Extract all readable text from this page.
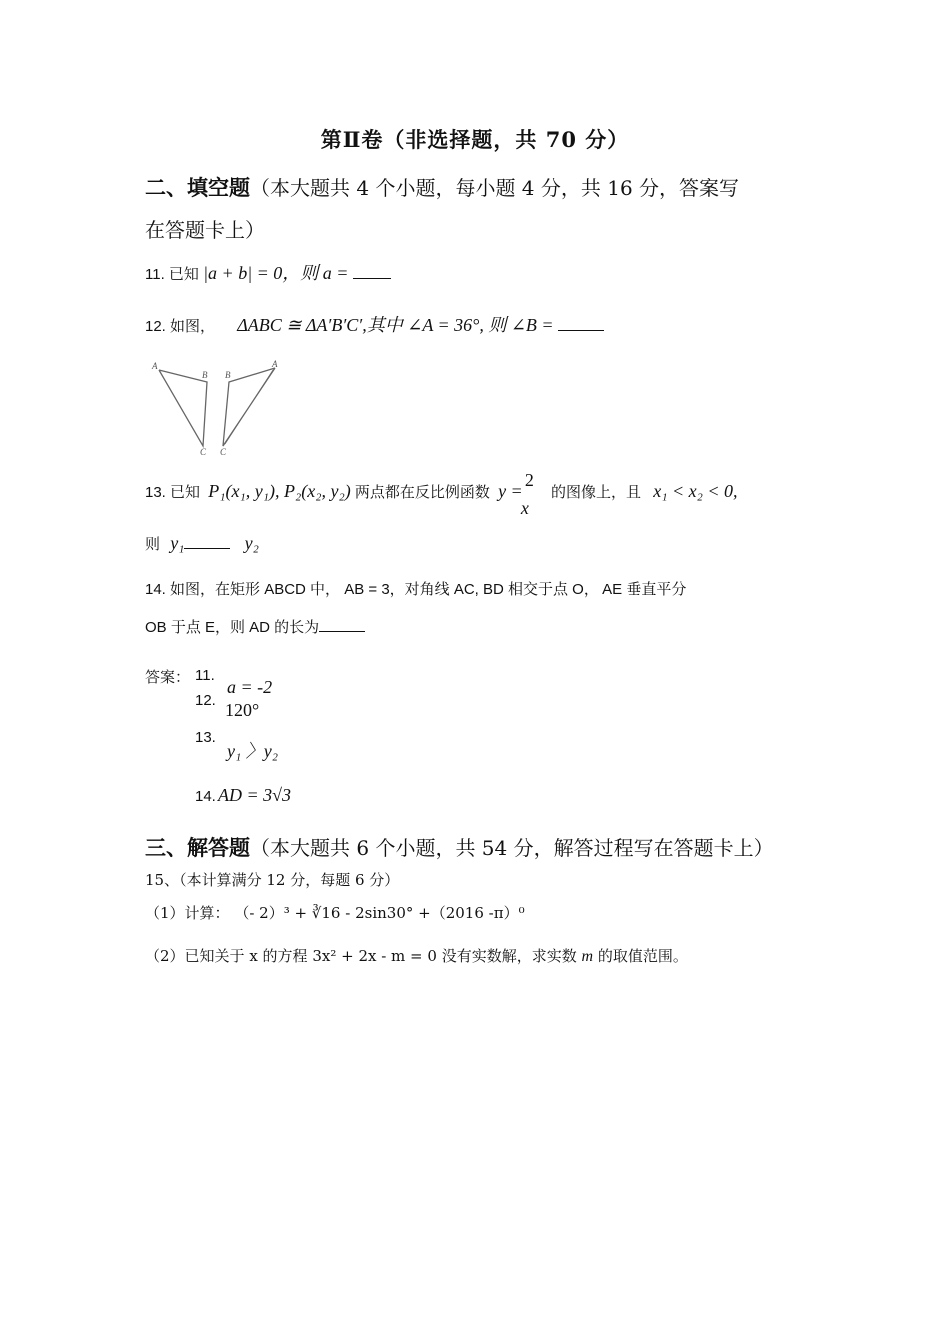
第Ⅱ卷（非选择题，共 70 分）
二、填空题（本大题共 4 个小题，每小题 4 分，共 16 分，答案写
在答题卡上）
11. 已知 |a + b| = 0，则 a =
12. 如图， ΔABC ≅ ΔA′B′C′,其中 ∠A = 36°, 则 ∠B =
A
B
C
B
A
C
13. 已知 P₁(x₁, y₁), P₂(x₂, y₂) 两点都在反比例函数 y =
2
x
的图像上，且 x₁ < x₂ < 0,
则 y₁	y₂
14. 如图，在矩形 ABCD 中， AB = 3，对角线 AC, BD 相交于点 O， AE 垂直平分
OB 于点 E，则 AD 的长为
答案： 11.
a = -2
12. 120°
13.
y₁ 〉y₂
14. AD = 3√3
三、解答题（本大题共 6 个小题，共 54 分，解答过程写在答题卡上）
15、（本计算满分 12 分，每题 6 分）
（1）计算： （- 2）³ + ∛16 - 2sin30° +（2016 -π）⁰
（2）已知关于 x 的方程 3x² + 2x - m = 0 没有实数解，求实数 m 的取值范围。
